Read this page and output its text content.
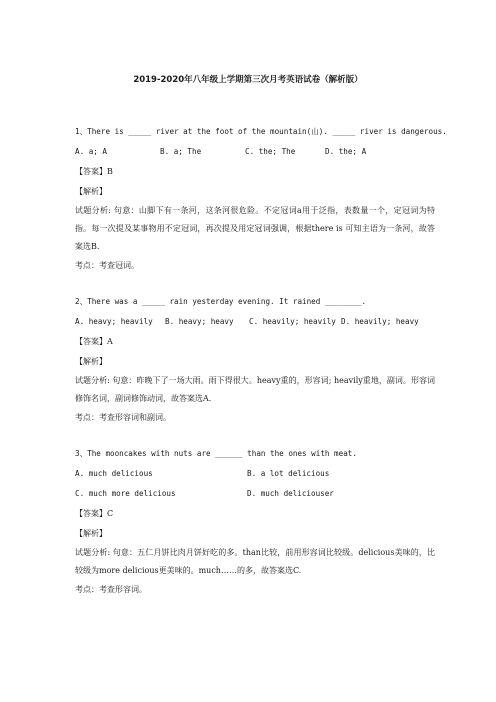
2019-2020年八年级上学期第三次月考英语试卷（解析版）
1、There is _____ river at the foot of the mountain(山). _____ river is dangerous.
A. a; A	B. a; The	C. the; The	D. the; A
【答案】B
【解析】
试题分析: 句意：山脚下有一条河，这条河很危险。不定冠词a用于泛指，表数量一个，定冠词为特指。每一次提及某事物用不定冠词，再次提及用定冠词强调，根据there is 可知主语为一条河，故答案选B.
考点：考查冠词。
2、There was a _____ rain yesterday evening. It rained ________.
A. heavy; heavily	B. heavy; heavy	C. heavily; heavily D. heavily; heavy
【答案】A
【解析】
试题分析: 句意：昨晚下了一场大雨。雨下得很大。heavy重的，形容词; heavily重地，副词。形容词修饰名词，副词修饰动词，故答案选A.
考点：考查形容词和副词。
3、The mooncakes with nuts are ______ than the ones with meat.
A. much delicious	B. a lot delicious
C. much more delicious	D. much deliciouser
【答案】C
【解析】
试题分析: 句意：五仁月饼比肉月饼好吃的多。than比较，前用形容词比较级。delicious美味的，比较级为more delicious更美味的。much……的多，故答案选C.
考点：考查形容词。
